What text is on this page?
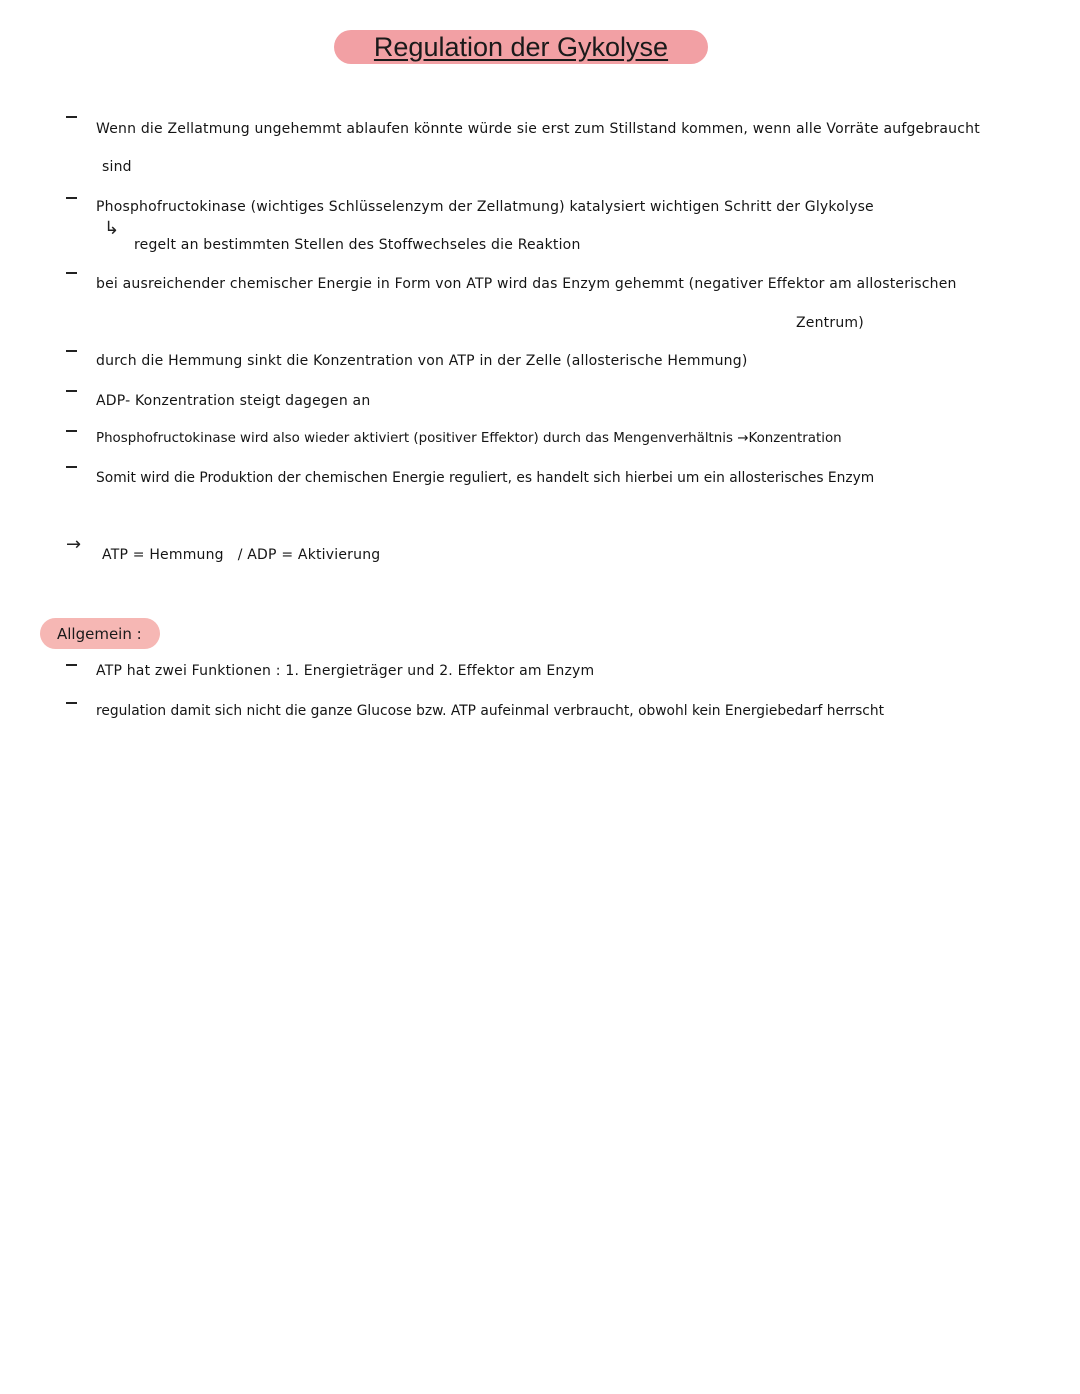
Regulation der Gykolyse
Wenn die Zellatmung ungehemmt ablaufen könnte würde sie erst zum Stillstand kommen, wenn alle Vorräte aufgebraucht
sind
Phosphofructokinase (wichtiges Schlüsselenzym der Zellatmung) katalysiert wichtigen Schritt der Glykolyse
↳
regelt an bestimmten Stellen des Stoffwechseles die Reaktion
bei ausreichender chemischer Energie in Form von ATP wird das Enzym gehemmt (negativer Effektor am allosterischen
Zentrum)
durch die Hemmung sinkt die Konzentration von ATP in der Zelle (allosterische Hemmung)
ADP- Konzentration steigt dagegen an
Phosphofructokinase wird also wieder aktiviert (positiver Effektor) durch das Mengenverhältnis →Konzentration
Somit wird die Produktion der chemischen Energie reguliert, es handelt sich hierbei um ein allosterisches Enzym
→ ATP = Hemmung   / ADP = Aktivierung
Allgemein :
ATP hat zwei Funktionen : 1. Energieträger und 2. Effektor am Enzym
regulation damit sich nicht die ganze Glucose bzw. ATP aufeinmal verbraucht, obwohl kein Energiebedarf herrscht
